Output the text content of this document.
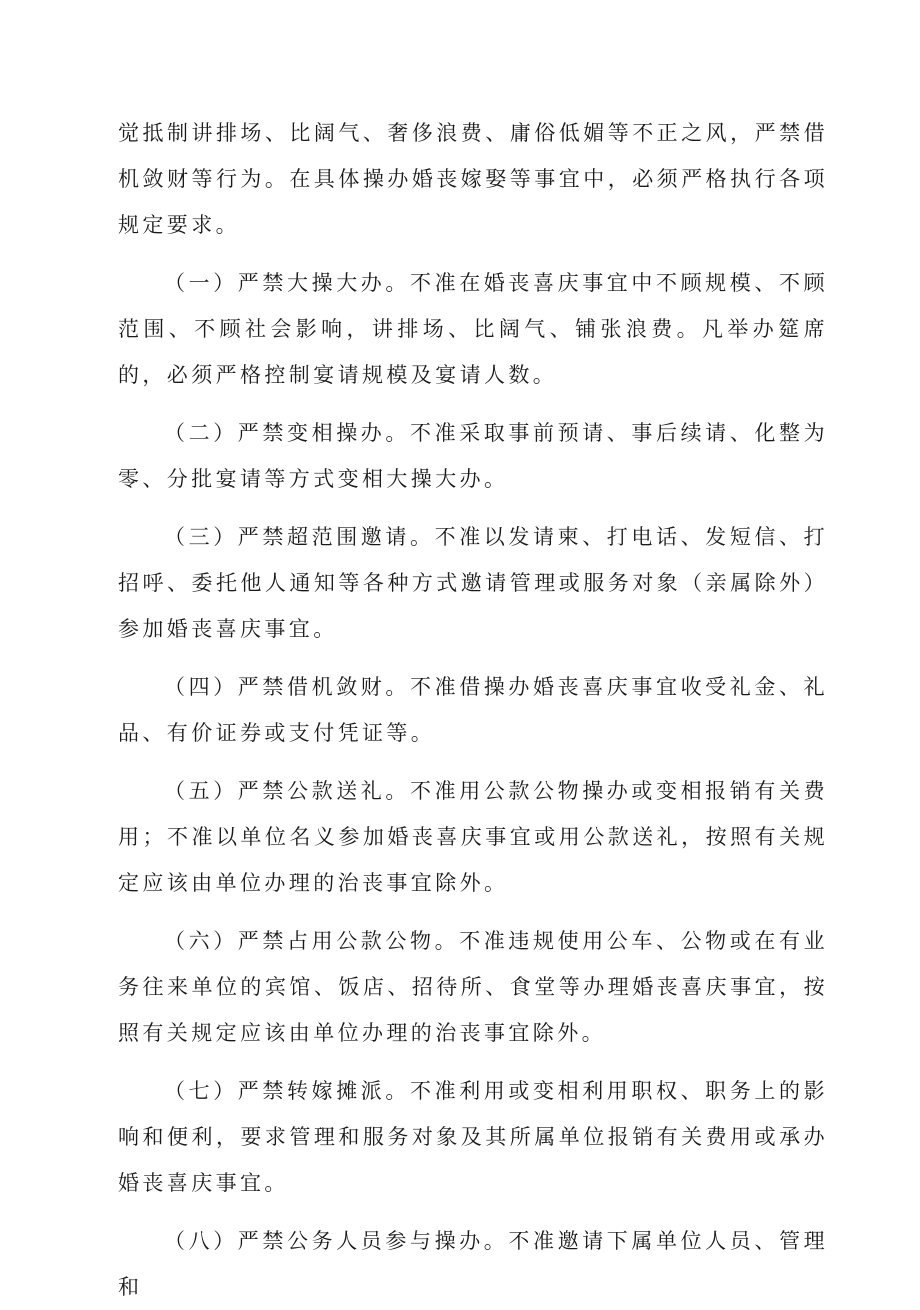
觉抵制讲排场、比阔气、奢侈浪费、庸俗低媚等不正之风，严禁借机敛财等行为。在具体操办婚丧嫁娶等事宜中，必须严格执行各项规定要求。

（一）严禁大操大办。不准在婚丧喜庆事宜中不顾规模、不顾范围、不顾社会影响，讲排场、比阔气、铺张浪费。凡举办筵席的，必须严格控制宴请规模及宴请人数。

（二）严禁变相操办。不准采取事前预请、事后续请、化整为零、分批宴请等方式变相大操大办。

（三）严禁超范围邀请。不准以发请柬、打电话、发短信、打招呼、委托他人通知等各种方式邀请管理或服务对象（亲属除外）参加婚丧喜庆事宜。

（四）严禁借机敛财。不准借操办婚丧喜庆事宜收受礼金、礼品、有价证券或支付凭证等。

（五）严禁公款送礼。不准用公款公物操办或变相报销有关费用；不准以单位名义参加婚丧喜庆事宜或用公款送礼，按照有关规定应该由单位办理的治丧事宜除外。

（六）严禁占用公款公物。不准违规使用公车、公物或在有业务往来单位的宾馆、饭店、招待所、食堂等办理婚丧喜庆事宜，按照有关规定应该由单位办理的治丧事宜除外。

（七）严禁转嫁摊派。不准利用或变相利用职权、职务上的影响和便利，要求管理和服务对象及其所属单位报销有关费用或承办婚丧喜庆事宜。

（八）严禁公务人员参与操办。不准邀请下属单位人员、管理和
